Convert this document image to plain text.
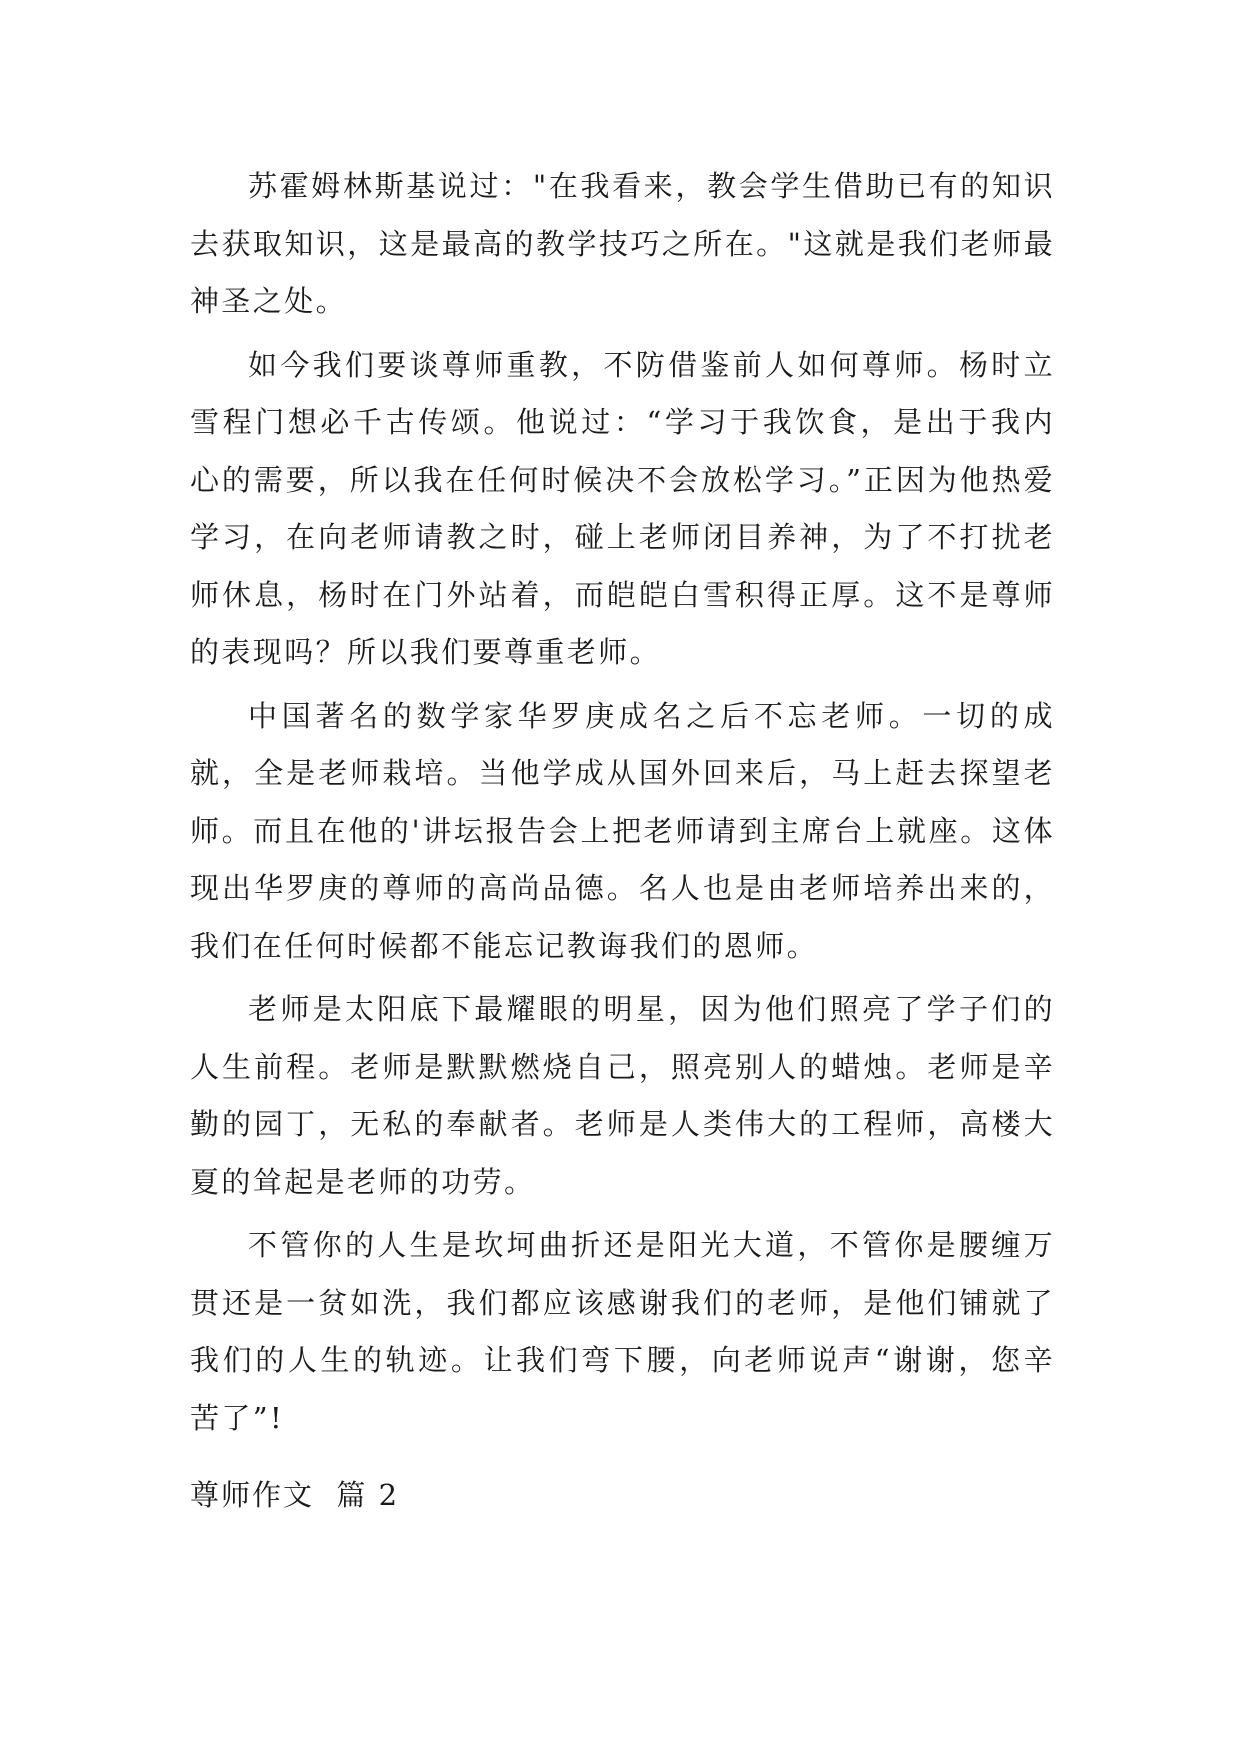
苏霍姆林斯基说过："在我看来，教会学生借助已有的知识去获取知识，这是最高的教学技巧之所在。"这就是我们老师最神圣之处。

如今我们要谈尊师重教，不防借鉴前人如何尊师。杨时立雪程门想必千古传颂。他说过：“学习于我饮食，是出于我内心的需要，所以我在任何时候决不会放松学习。”正因为他热爱学习，在向老师请教之时，碰上老师闭目养神，为了不打扰老师休息，杨时在门外站着，而皑皑白雪积得正厚。这不是尊师的表现吗？所以我们要尊重老师。

中国著名的数学家华罗庚成名之后不忘老师。一切的成就，全是老师栽培。当他学成从国外回来后，马上赶去探望老师。而且在他的'讲坛报告会上把老师请到主席台上就座。这体现出华罗庚的尊师的高尚品德。名人也是由老师培养出来的，我们在任何时候都不能忘记教诲我们的恩师。

老师是太阳底下最耀眼的明星，因为他们照亮了学子们的人生前程。老师是默默燃烧自己，照亮别人的蜡烛。老师是辛勤的园丁，无私的奉献者。老师是人类伟大的工程师，高楼大夏的耸起是老师的功劳。

不管你的人生是坎坷曲折还是阳光大道，不管你是腰缠万贯还是一贫如洗，我们都应该感谢我们的老师，是他们铺就了我们的人生的轨迹。让我们弯下腰，向老师说声“谢谢，您辛苦了”!

尊师作文  篇 2
